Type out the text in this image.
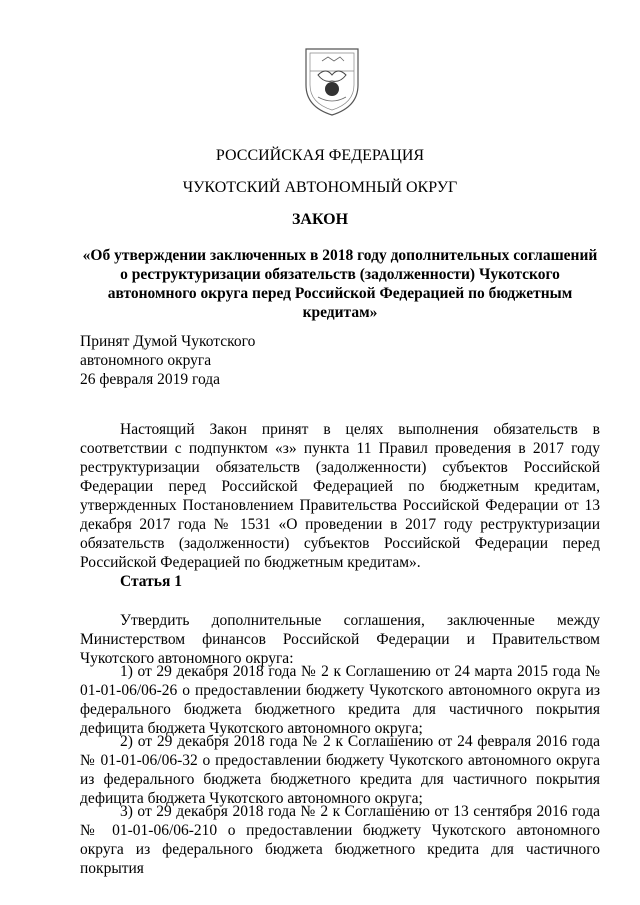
РОССИЙСКАЯ ФЕДЕРАЦИЯ
ЧУКОТСКИЙ АВТОНОМНЫЙ ОКРУГ
ЗАКОН
«Об утверждении заключенных в 2018 году дополнительных соглашений о реструктуризации обязательств (задолженности) Чукотского автономного округа перед Российской Федерацией по бюджетным кредитам»
Принят Думой Чукотского
автономного округа
26 февраля 2019 года
Настоящий Закон принят в целях выполнения обязательств в соответствии с подпунктом «з» пункта 11 Правил проведения в 2017 году реструктуризации обязательств (задолженности) субъектов Российской Федерации перед Российской Федерацией по бюджетным кредитам, утвержденных Постановлением Правительства Российской Федерации от 13 декабря 2017 года № 1531 «О проведении в 2017 году реструктуризации обязательств (задолженности) субъектов Российской Федерации перед Российской Федерацией по бюджетным кредитам».
Статья 1
Утвердить дополнительные соглашения, заключенные между Министерством финансов Российской Федерации и Правительством Чукотского автономного округа:
1) от 29 декабря 2018 года № 2 к Соглашению от 24 марта 2015 года № 01-01-06/06-26 о предоставлении бюджету Чукотского автономного округа из федерального бюджета бюджетного кредита для частичного покрытия дефицита бюджета Чукотского автономного округа;
2) от 29 декабря 2018 года № 2 к Соглашению от 24 февраля 2016 года № 01-01-06/06-32 о предоставлении бюджету Чукотского автономного округа из федерального бюджета бюджетного кредита для частичного покрытия дефицита бюджета Чукотского автономного округа;
3) от 29 декабря 2018 года № 2 к Соглашению от 13 сентября 2016 года № 01-01-06/06-210 о предоставлении бюджету Чукотского автономного округа из федерального бюджета бюджетного кредита для частичного покрытия
